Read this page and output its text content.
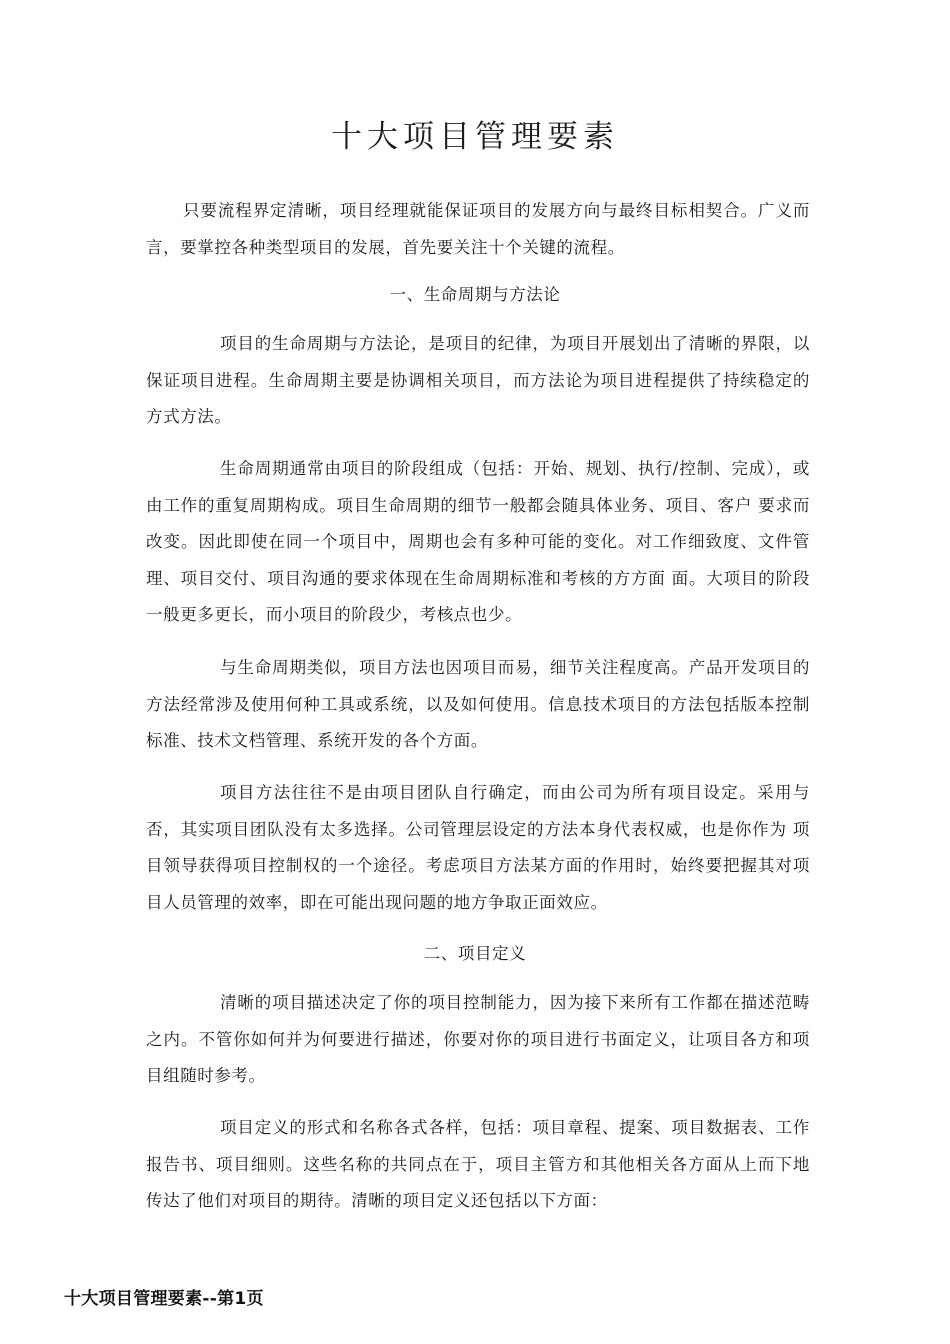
十大项目管理要素

只要流程界定清晰，项目经理就能保证项目的发展方向与最终目标相契合。广义而言，要掌控各种类型项目的发展，首先要关注十个关键的流程。

一、生命周期与方法论

项目的生命周期与方法论，是项目的纪律，为项目开展划出了清晰的界限，以保证项目进程。生命周期主要是协调相关项目，而方法论为项目进程提供了持续稳定的方式方法。

生命周期通常由项目的阶段组成（包括：开始、规划、执行/控制、完成），或由工作的重复周期构成。项目生命周期的细节一般都会随具体业务、项目、客户 要求而改变。因此即使在同一个项目中，周期也会有多种可能的变化。对工作细致度、文件管理、项目交付、项目沟通的要求体现在生命周期标准和考核的方方面 面。大项目的阶段一般更多更长，而小项目的阶段少，考核点也少。

与生命周期类似，项目方法也因项目而易，细节关注程度高。产品开发项目的方法经常涉及使用何种工具或系统，以及如何使用。信息技术项目的方法包括版本控制标准、技术文档管理、系统开发的各个方面。

项目方法往往不是由项目团队自行确定，而由公司为所有项目设定。采用与否，其实项目团队没有太多选择。公司管理层设定的方法本身代表权威，也是你作为 项目领导获得项目控制权的一个途径。考虑项目方法某方面的作用时，始终要把握其对项目人员管理的效率，即在可能出现问题的地方争取正面效应。

二、项目定义

清晰的项目描述决定了你的项目控制能力，因为接下来所有工作都在描述范畴之内。不管你如何并为何要进行描述，你要对你的项目进行书面定义，让项目各方和项目组随时参考。

项目定义的形式和名称各式各样，包括：项目章程、提案、项目数据表、工作报告书、项目细则。这些名称的共同点在于，项目主管方和其他相关各方面从上而下地传达了他们对项目的期待。清晰的项目定义还包括以下方面：

十大项目管理要素--第1页
